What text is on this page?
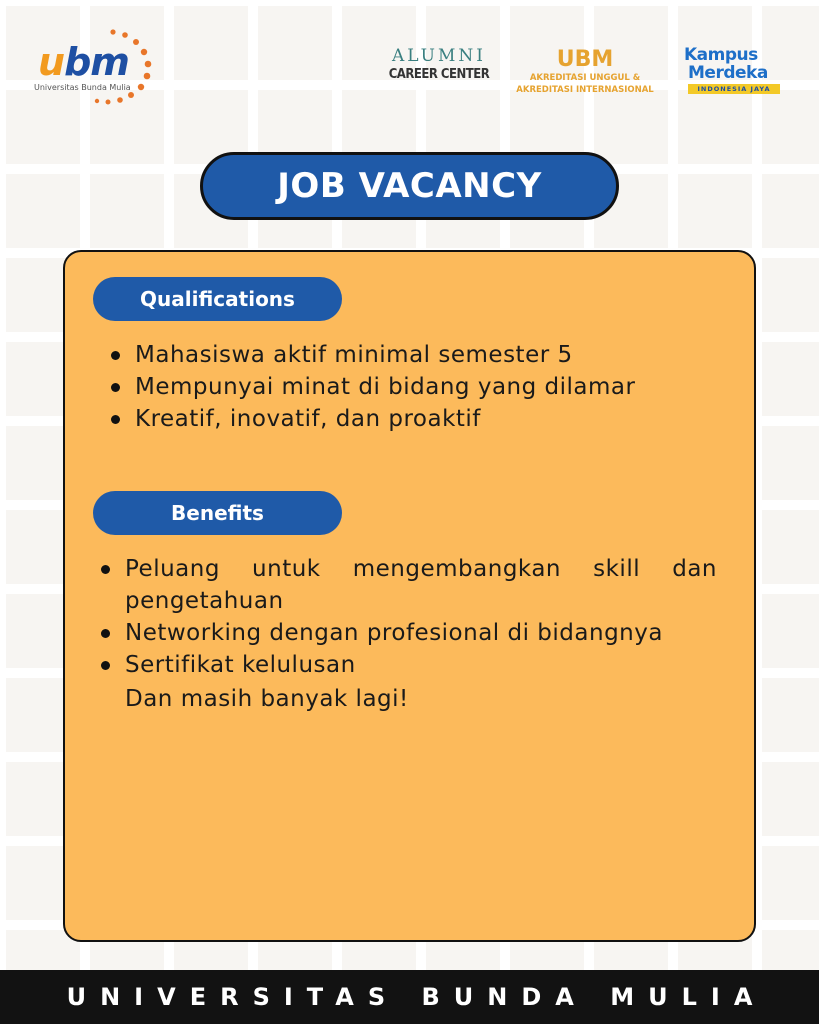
ubm
Universitas Bunda Mulia
ALUMNI
CAREER CENTER
UBM
AKREDITASI UNGGUL &
AKREDITASI INTERNASIONAL
Kampus
Merdeka
INDONESIA JAYA
JOB VACANCY
Qualifications
Mahasiswa aktif minimal semester 5
Mempunyai minat di bidang yang dilamar
Kreatif, inovatif, dan proaktif
Benefits
Peluang untuk mengembangkan skill dan pengetahuan
Networking dengan profesional di bidangnya
Sertifikat kelulusan
Dan masih banyak lagi!
UNIVERSITAS BUNDA MULIA
